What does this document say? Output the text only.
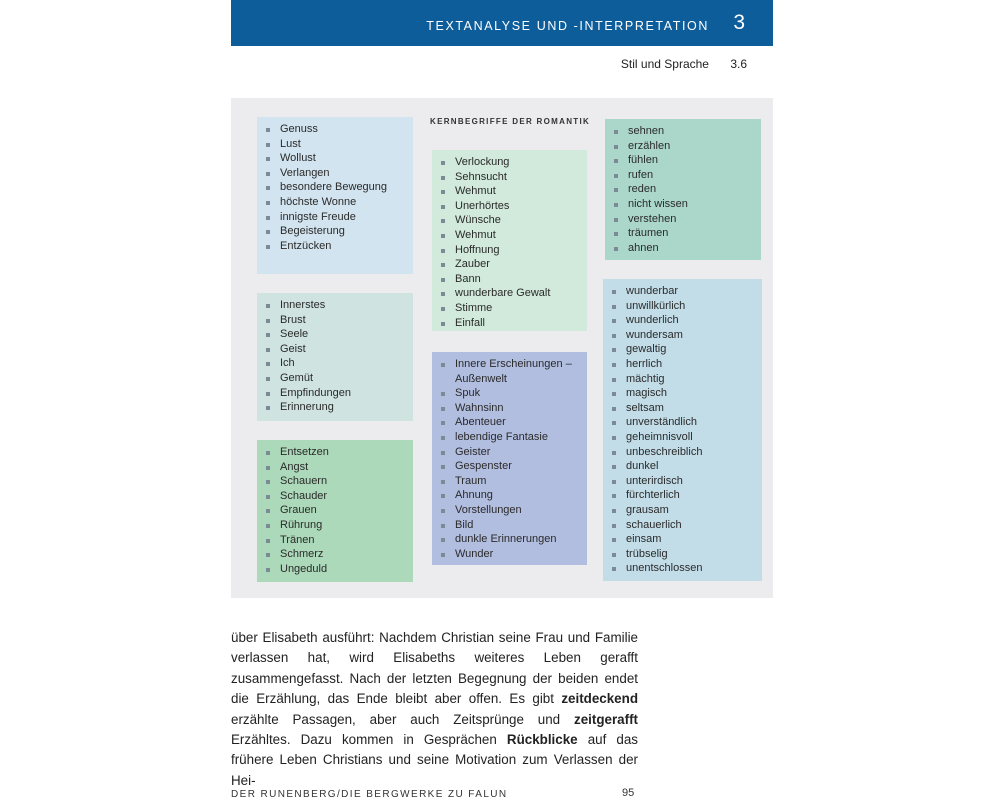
TEXTANALYSE UND -INTERPRETATION 3
Stil und Sprache 3.6
KERNBEGRIFFE DER ROMANTIK
Genuss
Lust
Wollust
Verlangen
besondere Bewegung
höchste Wonne
innigste Freude
Begeisterung
Entzücken
Innerstes
Brust
Seele
Geist
Ich
Gemüt
Empfindungen
Erinnerung
Entsetzen
Angst
Schauern
Schauder
Grauen
Rührung
Tränen
Schmerz
Ungeduld
Verlockung
Sehnsucht
Wehmut
Unerhörtes
Wünsche
Wehmut
Hoffnung
Zauber
Bann
wunderbare Gewalt
Stimme
Einfall
Innere Erscheinungen –
Außenwelt
Spuk
Wahnsinn
Abenteuer
lebendige Fantasie
Geister
Gespenster
Traum
Ahnung
Vorstellungen
Bild
dunkle Erinnerungen
Wunder
sehnen
erzählen
fühlen
rufen
reden
nicht wissen
verstehen
träumen
ahnen
wunderbar
unwillkürlich
wunderlich
wundersam
gewaltig
herrlich
mächtig
magisch
seltsam
unverständlich
geheimnisvoll
unbeschreiblich
dunkel
unterirdisch
fürchterlich
grausam
schauerlich
einsam
trübselig
unentschlossen

über Elisabeth ausführt: Nachdem Christian seine Frau und Familie verlassen hat, wird Elisabeths weiteres Leben gerafft zusammengefasst. Nach der letzten Begegnung der beiden endet die Erzählung, das Ende bleibt aber offen. Es gibt zeitdeckend erzählte Passagen, aber auch Zeitsprünge und zeitgerafft Erzähltes. Dazu kommen in Gesprächen Rückblicke auf das frühere Leben Christians und seine Motivation zum Verlassen der Hei-

DER RUNENBERG/DIE BERGWERKE ZU FALUN	95
